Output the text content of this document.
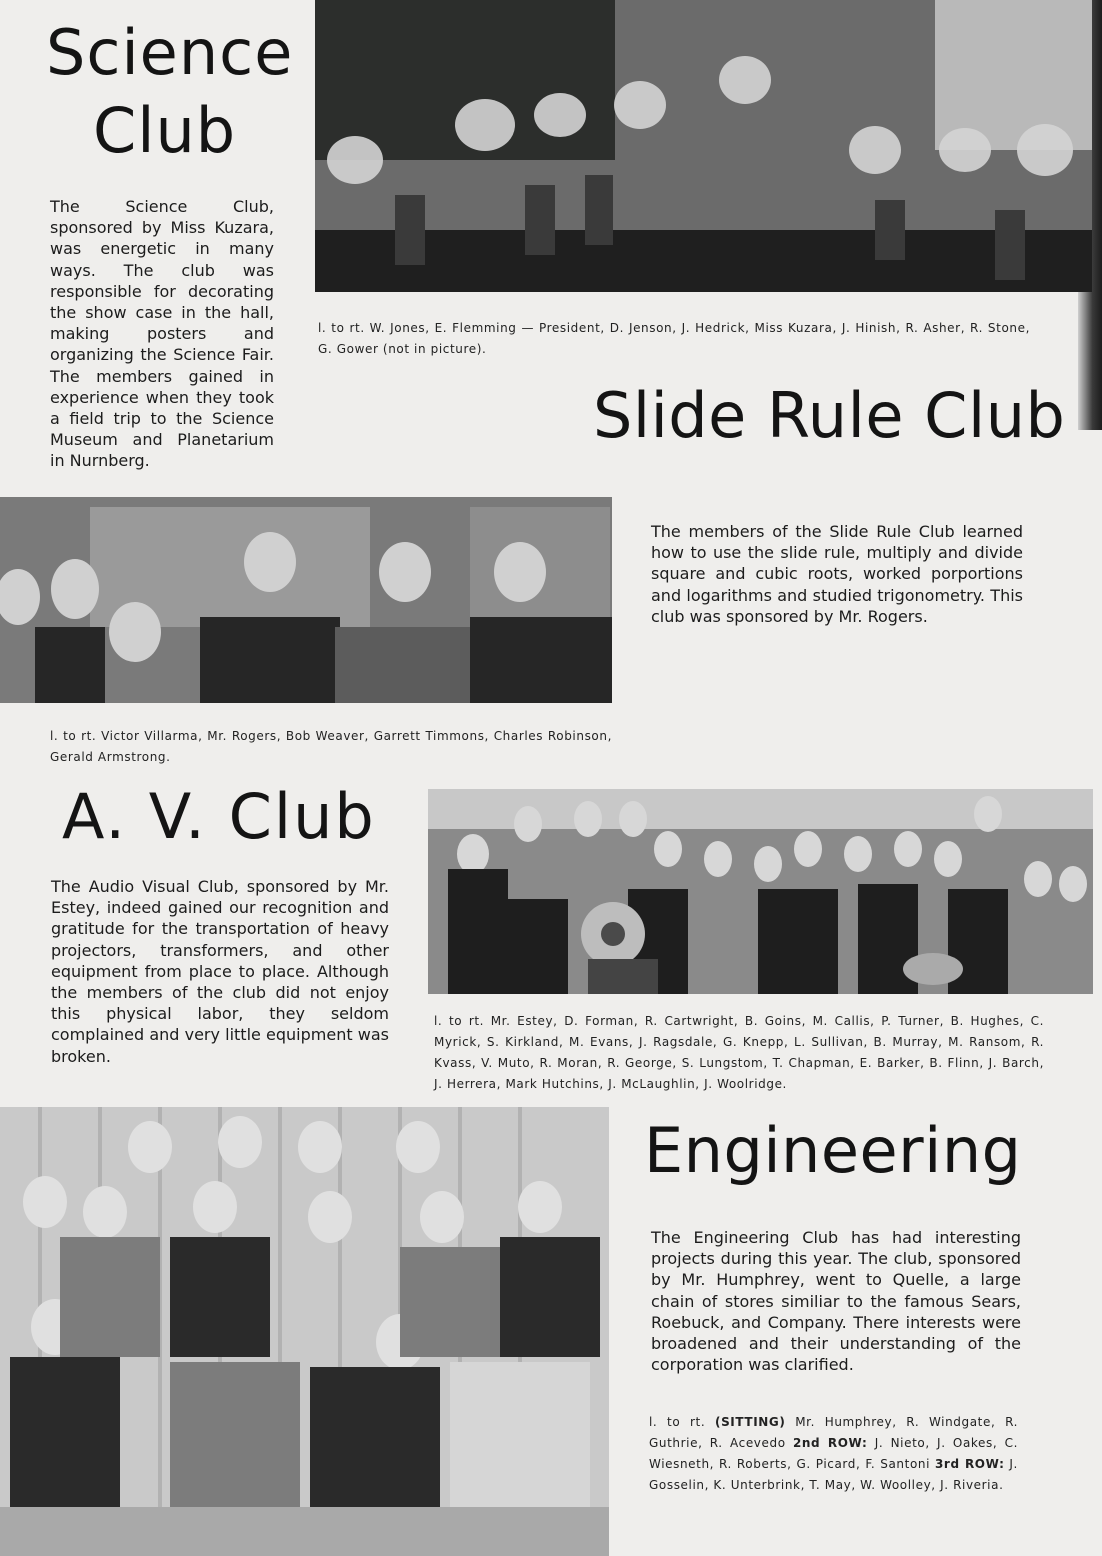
Science
Club

The Science Club, sponsored by Miss Kuzara, was energetic in many ways. The club was responsible for decorating the show case in the hall, making posters and organizing the Science Fair. The members gained in experience when they took a field trip to the Science Museum and Planetarium in Nurnberg.

l. to rt. W. Jones, E. Flemming — President, D. Jenson, J. Hedrick, Miss Kuzara, J. Hinish, R. Asher, R. Stone, G. Gower (not in picture).

Slide Rule Club

The members of the Slide Rule Club learned how to use the slide rule, multiply and divide square and cubic roots, worked porportions and logarithms and studied trigonometry. This club was sponsored by Mr. Rogers.

l. to rt. Victor Villarma, Mr. Rogers, Bob Weaver, Garrett Timmons, Charles Robinson, Gerald Armstrong.

A. V. Club

The Audio Visual Club, sponsored by Mr. Estey, indeed gained our recognition and gratitude for the transportation of heavy projectors, transformers, and other equipment from place to place. Although the members of the club did not enjoy this physical labor, they seldom complained and very little equipment was broken.

l. to rt. Mr. Estey, D. Forman, R. Cartwright, B. Goins, M. Callis, P. Turner, B. Hughes, C. Myrick, S. Kirkland, M. Evans, J. Ragsdale, G. Knepp, L. Sullivan, B. Murray, M. Ransom, R. Kvass, V. Muto, R. Moran, R. George, S. Lungstom, T. Chapman, E. Barker, B. Flinn, J. Barch, J. Herrera, Mark Hutchins, J. McLaughlin, J. Woolridge.

Engineering

The Engineering Club has had interesting projects during this year. The club, sponsored by Mr. Humphrey, went to Quelle, a large chain of stores similiar to the famous Sears, Roebuck, and Company. There interests were broadened and their understanding of the corporation was clarified.

l. to rt. (SITTING) Mr. Humphrey, R. Windgate, R. Guthrie, R. Acevedo 2nd ROW: J. Nieto, J. Oakes, C. Wiesneth, R. Roberts, G. Picard, F. Santoni 3rd ROW: J. Gosselin, K. Unterbrink, T. May, W. Woolley, J. Riveria.
